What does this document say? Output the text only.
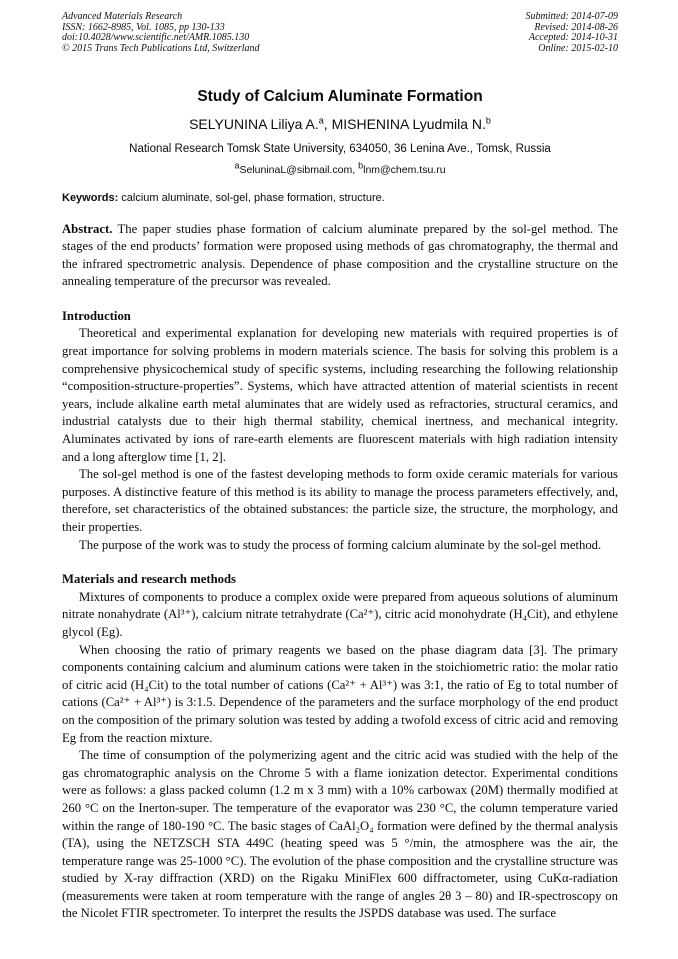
Advanced Materials Research
ISSN: 1662-8985, Vol. 1085, pp 130-133
doi:10.4028/www.scientific.net/AMR.1085.130
© 2015 Trans Tech Publications Ltd, Switzerland
Submitted: 2014-07-09
Revised: 2014-08-26
Accepted: 2014-10-31
Online: 2015-02-10
Study of Calcium Aluminate Formation
SELYUNINA Liliya A.$^a$, MISHENINA Lyudmila N.$^b$
National Research Tomsk State University, 634050, 36 Lenina Ave., Tomsk, Russia
$^a$SeluninaL@sibmail.com, $^b$lnm@chem.tsu.ru

Keywords: calcium aluminate, sol-gel, phase formation, structure.

Abstract. The paper studies phase formation of calcium aluminate prepared by the sol-gel method. The stages of the end products’ formation were proposed using methods of gas chromatography, the thermal and the infrared spectrometric analysis. Dependence of phase composition and the crystalline structure on the annealing temperature of the precursor was revealed.

Introduction

Theoretical and experimental explanation for developing new materials with required properties is of great importance for solving problems in modern materials science. The basis for solving this problem is a comprehensive physicochemical study of specific systems, including researching the following relationship “composition-structure-properties”. Systems, which have attracted attention of material scientists in recent years, include alkaline earth metal aluminates that are widely used as refractories, structural ceramics, and industrial catalysts due to their high thermal stability, chemical inertness, and mechanical integrity. Aluminates activated by ions of rare-earth elements are fluorescent materials with high radiation intensity and a long afterglow time [1, 2].

The sol-gel method is one of the fastest developing methods to form oxide ceramic materials for various purposes. A distinctive feature of this method is its ability to manage the process parameters effectively, and, therefore, set characteristics of the obtained substances: the particle size, the structure, the morphology, and their properties.

The purpose of the work was to study the process of forming calcium aluminate by the sol-gel method.

Materials and research methods

Mixtures of components to produce a complex oxide were prepared from aqueous solutions of aluminum nitrate nonahydrate (Al³⁺), calcium nitrate tetrahydrate (Ca²⁺), citric acid monohydrate (H₄Cit), and ethylene glycol (Eg).

When choosing the ratio of primary reagents we based on the phase diagram data [3]. The primary components containing calcium and aluminum cations were taken in the stoichiometric ratio: the molar ratio of citric acid (H₄Cit) to the total number of cations (Ca²⁺ + Al³⁺) was 3:1, the ratio of Eg to total number of cations (Ca²⁺ + Al³⁺) is 3:1.5. Dependence of the parameters and the surface morphology of the end product on the composition of the primary solution was tested by adding a twofold excess of citric acid and removing Eg from the reaction mixture.

The time of consumption of the polymerizing agent and the citric acid was studied with the help of the gas chromatographic analysis on the Chrome 5 with a flame ionization detector. Experimental conditions were as follows: a glass packed column (1.2 m x 3 mm) with a 10% carbowax (20M) thermally modified at 260 °C on the Inerton-super. The temperature of the evaporator was 230 °C, the column temperature varied within the range of 180-190 °C. The basic stages of CaAl₂O₄ formation were defined by the thermal analysis (TA), using the NETZSCH STA 449C (heating speed was 5 °/min, the atmosphere was the air, the temperature range was 25-1000 °C). The evolution of the phase composition and the crystalline structure was studied by X-ray diffraction (XRD) on the Rigaku MiniFlex 600 diffractometer, using CuKα-radiation (measurements were taken at room temperature with the range of angles 2θ 3 – 80) and IR-spectroscopy on the Nicolet FTIR spectrometer. To interpret the results the JSPDS database was used. The surface
